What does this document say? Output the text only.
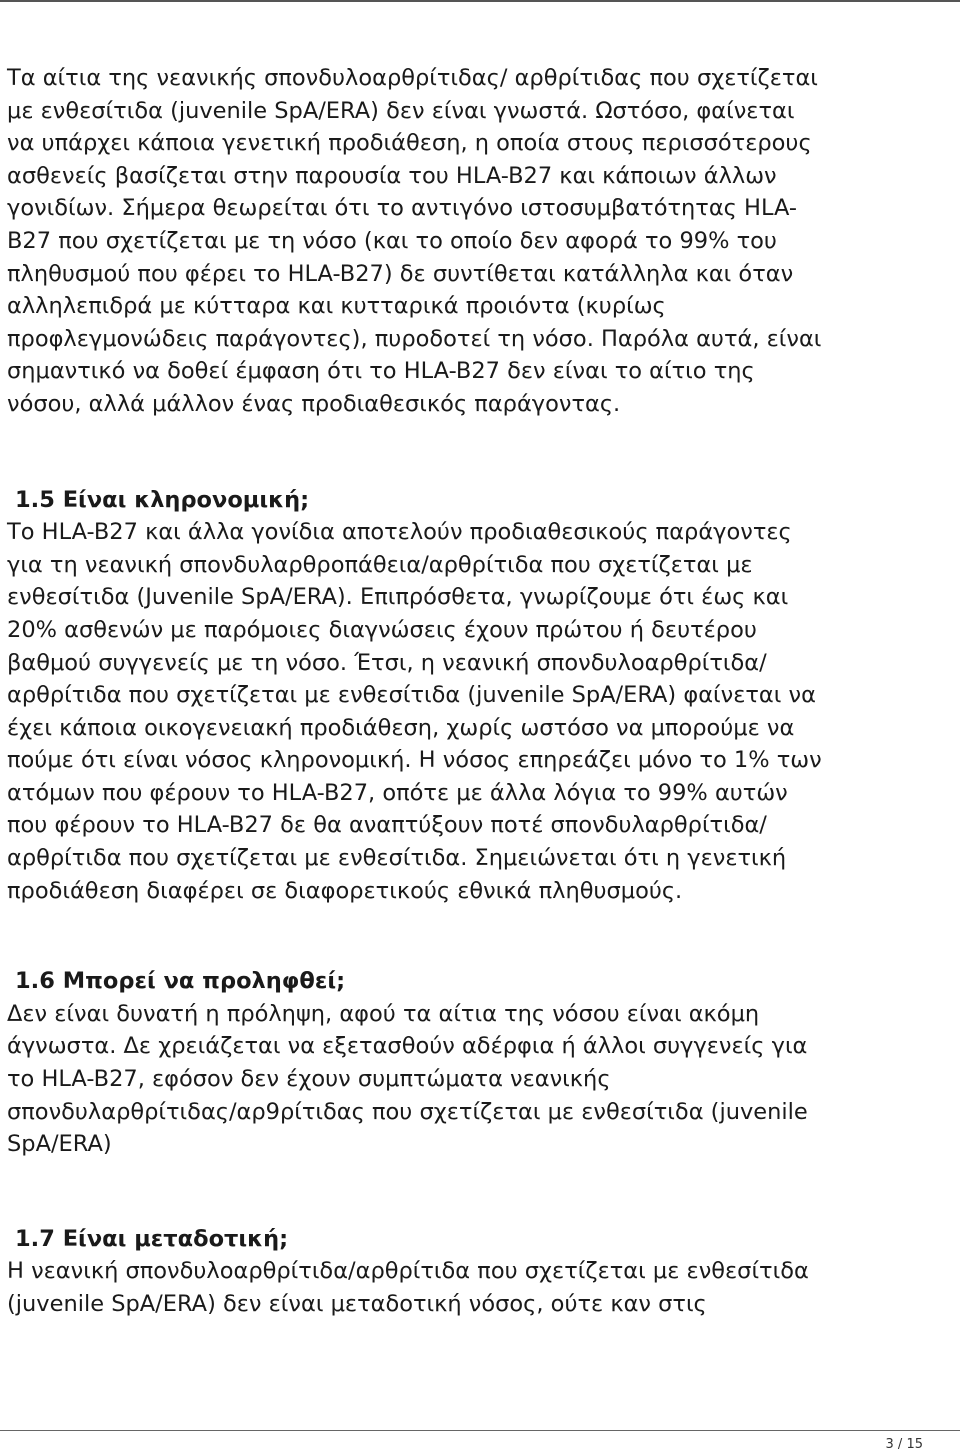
Τα αίτια της νεανικής σπονδυλοαρθρίτιδας/ αρθρίτιδας που σχετίζεται
με ενθεσίτιδα (juvenile SpA/ERA) δεν είναι γνωστά. Ωστόσο, φαίνεται
να υπάρχει κάποια γενετική προδιάθεση, η οποία στους περισσότερους
ασθενείς βασίζεται στην παρουσία του HLA-B27 και κάποιων άλλων
γονιδίων. Σήμερα θεωρείται ότι το αντιγόνο ιστοσυμβατότητας HLA-
B27 που σχετίζεται με τη νόσο (και το οποίο δεν αφορά το 99% του
πληθυσμού που φέρει το HLA-B27) δε συντίθεται κατάλληλα και όταν
αλληλεπιδρά με κύτταρα και κυτταρικά προιόντα (κυρίως
προφλεγμονώδεις παράγοντες), πυροδοτεί τη νόσο. Παρόλα αυτά, είναι
σημαντικό να δοθεί έμφαση ότι το HLA-B27 δεν είναι το αίτιο της
νόσου, αλλά μάλλον ένας προδιαθεσικός παράγοντας.

1.5 Είναι κληρονομική;

Το HLA-B27 και άλλα γονίδια αποτελούν προδιαθεσικούς παράγοντες
για τη νεανική σπονδυλαρθροπάθεια/αρθρίτιδα που σχετίζεται με
ενθεσίτιδα (Juvenile SpA/ERA). Επιπρόσθετα, γνωρίζουμε ότι έως και
20% ασθενών με παρόμοιες διαγνώσεις έχουν πρώτου ή δευτέρου
βαθμού συγγενείς με τη νόσο. Έτσι, η νεανική σπονδυλοαρθρίτιδα/
αρθρίτιδα που σχετίζεται με ενθεσίτιδα (juvenile SpA/ERA) φαίνεται να
έχει κάποια οικογενειακή προδιάθεση, χωρίς ωστόσο να μπορούμε να
πούμε ότι είναι νόσος κληρονομική. Η νόσος επηρεάζει μόνο το 1% των
ατόμων που φέρουν το HLA-B27, οπότε με άλλα λόγια το 99% αυτών
που φέρουν το HLA-B27 δε θα αναπτύξουν ποτέ σπονδυλαρθρίτιδα/
αρθρίτιδα που σχετίζεται με ενθεσίτιδα. Σημειώνεται ότι η γενετική
προδιάθεση διαφέρει σε διαφορετικούς εθνικά πληθυσμούς.

1.6 Μπορεί να προληφθεί;

Δεν είναι δυνατή η πρόληψη, αφού τα αίτια της νόσου είναι ακόμη
άγνωστα. Δε χρειάζεται να εξετασθούν αδέρφια ή άλλοι συγγενείς για
το HLA-B27, εφόσον δεν έχουν συμπτώματα νεανικής
σπονδυλαρθρίτιδας/αρ9ρίτιδας που σχετίζεται με ενθεσίτιδα (juvenile
SpA/ERA)

1.7 Είναι μεταδοτική;

Η νεανική σπονδυλοαρθρίτιδα/αρθρίτιδα που σχετίζεται με ενθεσίτιδα
(juvenile SpA/ERA) δεν είναι μεταδοτική νόσος, ούτε καν στις

3 / 15
